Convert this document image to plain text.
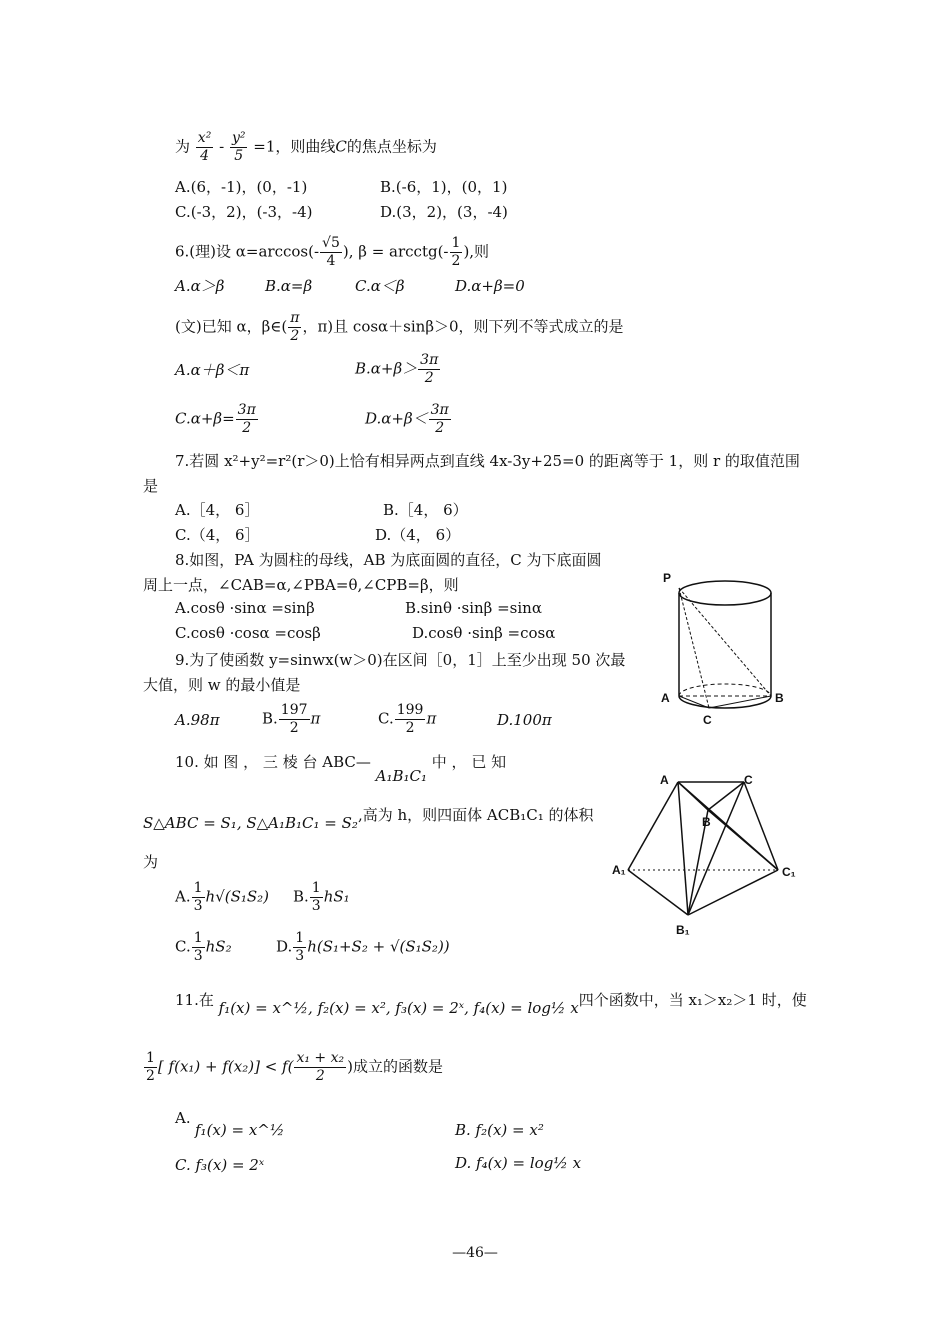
为 $\frac{\text{x²}}{4} - \frac{\text{y²}}{5} =1$，则曲线C的焦点坐标为
A.(6，-1)，(0，-1)	B.(-6，1)，(0，1)
C.(-3，2)，(-3，-4)	D.(3，2)，(3，-4)
6.(理)设 $\alpha=\arccos(- \frac{√5}{4}$ ), β = arcctg(- $\frac{1}{2}$ ),则
A.α＞β	B.α=β	C.α＜β	D.α+β=0
(文)已知 α，β∈( $\frac{\pi}{2}$ ，π)且 cosα＋sinβ＞0，则下列不等式成立的是
A.α＋β＜π	$B.\alpha+\beta> \frac{3\pi}{2}$
$C.\alpha+\beta= \frac{3\pi}{2}$	$D.\alpha+\beta< \frac{3\pi}{2}$
7.若圆 x²+y²=r²(r＞0)上恰有相异两点到直线 4x-3y+25=0 的距离等于 1，则 r 的取值范围
是
A.［4， 6］	B.［4， 6）
C.（4， 6］	D.（4， 6）
8.如图，PA 为圆柱的母线，AB 为底面圆的直径，C 为下底面圆
周上一点，∠CAB=α,∠PBA=θ,∠CPB=β，则
A.cosθ ·sinα =sinβ	B.sinθ ·sinβ =sinα
C.cosθ ·cosα =cosβ	D.cosθ ·sinβ =cosα
P
A	B
C
9.为了使函数 y=sinwx(w＞0)在区间［0，1］上至少出现 50 次最
大值，则 w 的最小值是
A.98π	B. $\frac{197}{2}$ π	C. $\frac{199}{2}$ π	D.100π
10. 如 图 ， 三 棱 台 ABC— A₁B₁C₁ 中 ， 已 知
S△ABC = S₁, S△A₁B₁C₁ = S₂,高为 h，则四面体 ACB₁C₁ 的体积
为
A. $\frac{1}{3} h√(S_1S_2)$ B. $\frac{1}{3} hS_1$
C. $\frac{1}{3} hS_2$	D. $\frac{1}{3} h(S_1+S_2 + √(S_1S_2))$
A	C
B
A₁	C₁
B₁
11.在 f₁(x) = x^½, f₂(x) = x², f₃(x) = 2ˣ, f₄(x) = log½ x四个函数中，当 x₁＞x₂＞1 时，使
$\frac{1}{2}$ [ $f(x_1) + f(x_2)] < f( \frac{\text{x₁ + x₂}}{2}$ )成立的函数是
A.
f₁(x) = x^½	B. f₂(x) = x²
C. f₃(x) = 2ˣ	D. f₄(x) = log½ x
—46—
